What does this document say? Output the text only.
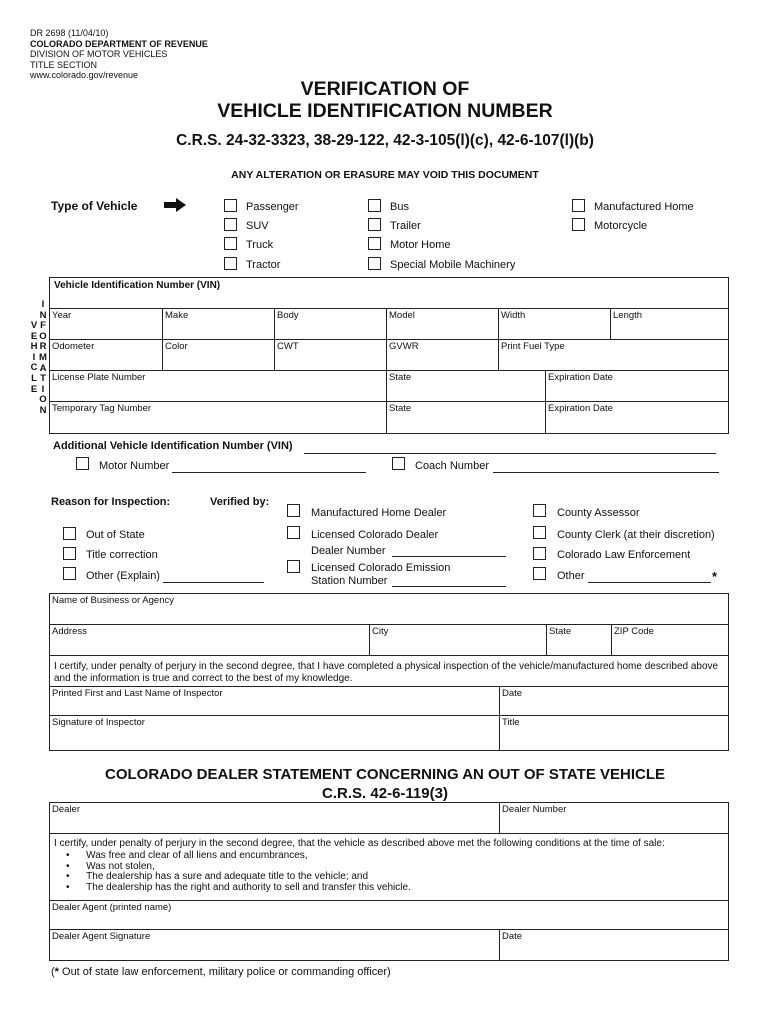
DR 2698 (11/04/10)
COLORADO DEPARTMENT OF REVENUE
DIVISION OF MOTOR VEHICLES
TITLE SECTION
www.colorado.gov/revenue
VERIFICATION OF
VEHICLE IDENTIFICATION NUMBER
C.R.S. 24-32-3323, 38-29-122, 42-3-105(l)(c), 42-6-107(l)(b)
ANY ALTERATION OR ERASURE MAY VOID THIS DOCUMENT
Type of Vehicle	Passenger
SUV
Truck
Tractor
Bus
Trailer
Motor Home
Special Mobile Machinery
Manufactured Home
Motorcycle
V
E
H
I
C
L
E
I
N
F
O
R
M
A
T
I
O
N
Vehicle Identification Number (VIN)
Year	Make	Body	Model	Width	Length
Odometer	Color	CWT	GVWR	Print Fuel Type
License Plate Number	State	Expiration Date
Temporary Tag Number	State	Expiration Date
Additional Vehicle Identification Number (VIN)
Motor Number	Coach Number
Reason for Inspection:	Verified by:
Out of State
Title correction
Other (Explain)
Manufactured Home Dealer
Licensed Colorado Dealer
Dealer Number
Licensed Colorado Emission
Station Number
County Assessor
County Clerk (at their discretion)
Colorado Law Enforcement
Other	*
Name of Business or Agency
Address	City	State	ZIP Code
I certify, under penalty of perjury in the second degree, that I have completed a physical inspection of the vehicle/manufactured home described above and the information is true and correct to the best of my knowledge.
Printed First and Last Name of Inspector	Date
Signature of Inspector	Title
COLORADO DEALER STATEMENT CONCERNING AN OUT OF STATE VEHICLE
C.R.S. 42-6-119(3)
Dealer	Dealer Number
I certify, under penalty of perjury in the second degree, that the vehicle as described above met the following conditions at the time of sale:
•      Was free and clear of all liens and encumbrances,
•      Was not stolen,
•      The dealership has a sure and adequate title to the vehicle; and
•      The dealership has the right and authority to sell and transfer this vehicle.
Dealer Agent (printed name)
Dealer Agent Signature	Date
(* Out of state law enforcement, military police or commanding officer)
